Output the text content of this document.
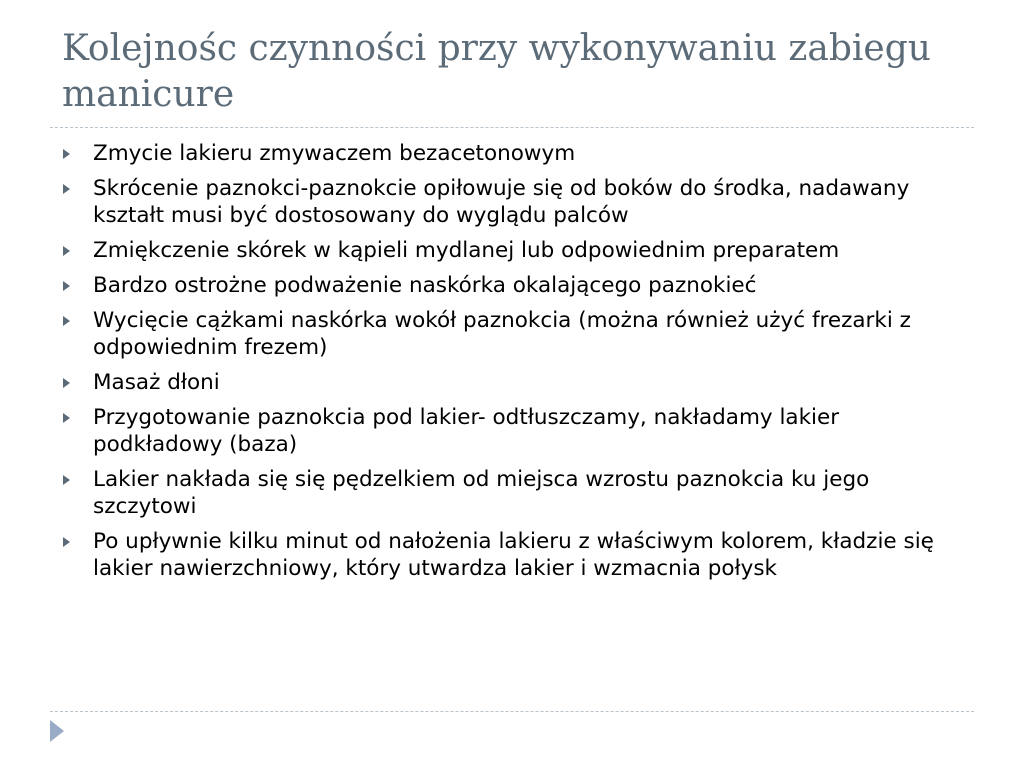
Kolejnośc czynności przy wykonywaniu zabiegu manicure
Zmycie lakieru zmywaczem bezacetonowym
Skrócenie paznokci-paznokcie opiłowuje się od boków do środka, nadawany kształt musi być dostosowany do wyglądu palców
Zmiękczenie skórek w kąpieli mydlanej lub odpowiednim preparatem
Bardzo ostrożne podważenie naskórka okalającego paznokieć
Wycięcie cążkami naskórka wokół paznokcia (można również użyć frezarki z odpowiednim frezem)
Masaż dłoni
Przygotowanie paznokcia pod lakier- odtłuszczamy, nakładamy lakier podkładowy (baza)
Lakier nakłada się się pędzelkiem od miejsca wzrostu paznokcia ku jego szczytowi
Po upływnie kilku minut od nałożenia lakieru z właściwym kolorem, kładzie się lakier nawierzchniowy, który utwardza lakier i wzmacnia połysk
